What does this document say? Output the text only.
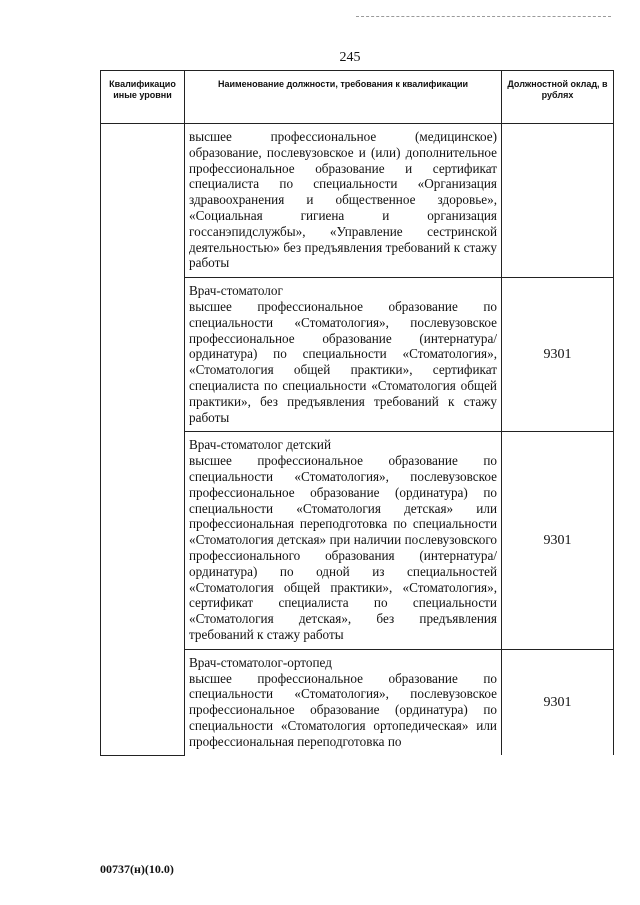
245
Квалификацио иные уровни	Наименование должности, требования к квалификации	Должностной оклад, в рублях

	высшее профессиональное (медицинское) образование, послевузовское и (или) дополнительное профессиональное образование и сертификат специалиста по специальности «Организация здравоохранения и общественное здоровье», «Социальная гигиена и организация госсанэпидслужбы», «Управление сестринской деятельностью» без предъявления требований к стажу работы	

	Врач-стоматолог
высшее профессиональное образование по специальности «Стоматология», послевузовское профессиональное образование (интернатура/ординатура) по специальности «Стоматология», «Стоматология общей практики», сертификат специалиста по специальности «Стоматология общей практики», без предъявления требований к стажу работы	9301

	Врач-стоматолог детский
высшее профессиональное образование по специальности «Стоматология», послевузовское профессиональное образование (ординатура) по специальности «Стоматология детская» или профессиональная переподготовка по специальности «Стоматология детская» при наличии послевузовского профессионального образования (интернатура/ординатура) по одной из специальностей «Стоматология общей практики», «Стоматология», сертификат специалиста по специальности «Стоматология детская», без предъявления требований к стажу работы	9301

	Врач-стоматолог-ортопед
высшее профессиональное образование по специальности «Стоматология», послевузовское профессиональное образование (ординатура) по специальности «Стоматология ортопедическая» или профессиональная переподготовка по	9301
00737(н)(10.0)
